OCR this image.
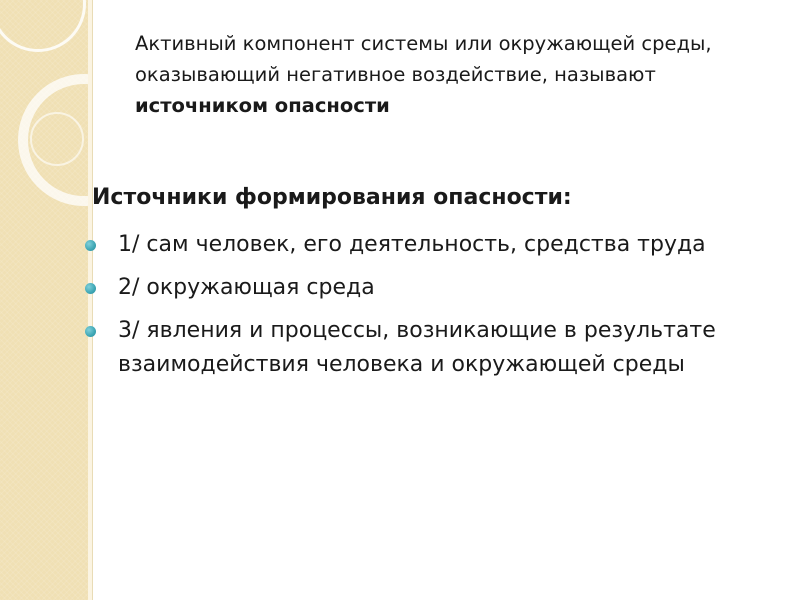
Активный компонент системы или окружающей среды, оказывающий негативное воздействие, называют источником опасности
Источники формирования опасности:
1/ сам человек, его деятельность, средства труда
2/ окружающая среда
3/ явления и процессы, возникающие в результате взаимодействия человека и окружающей среды
